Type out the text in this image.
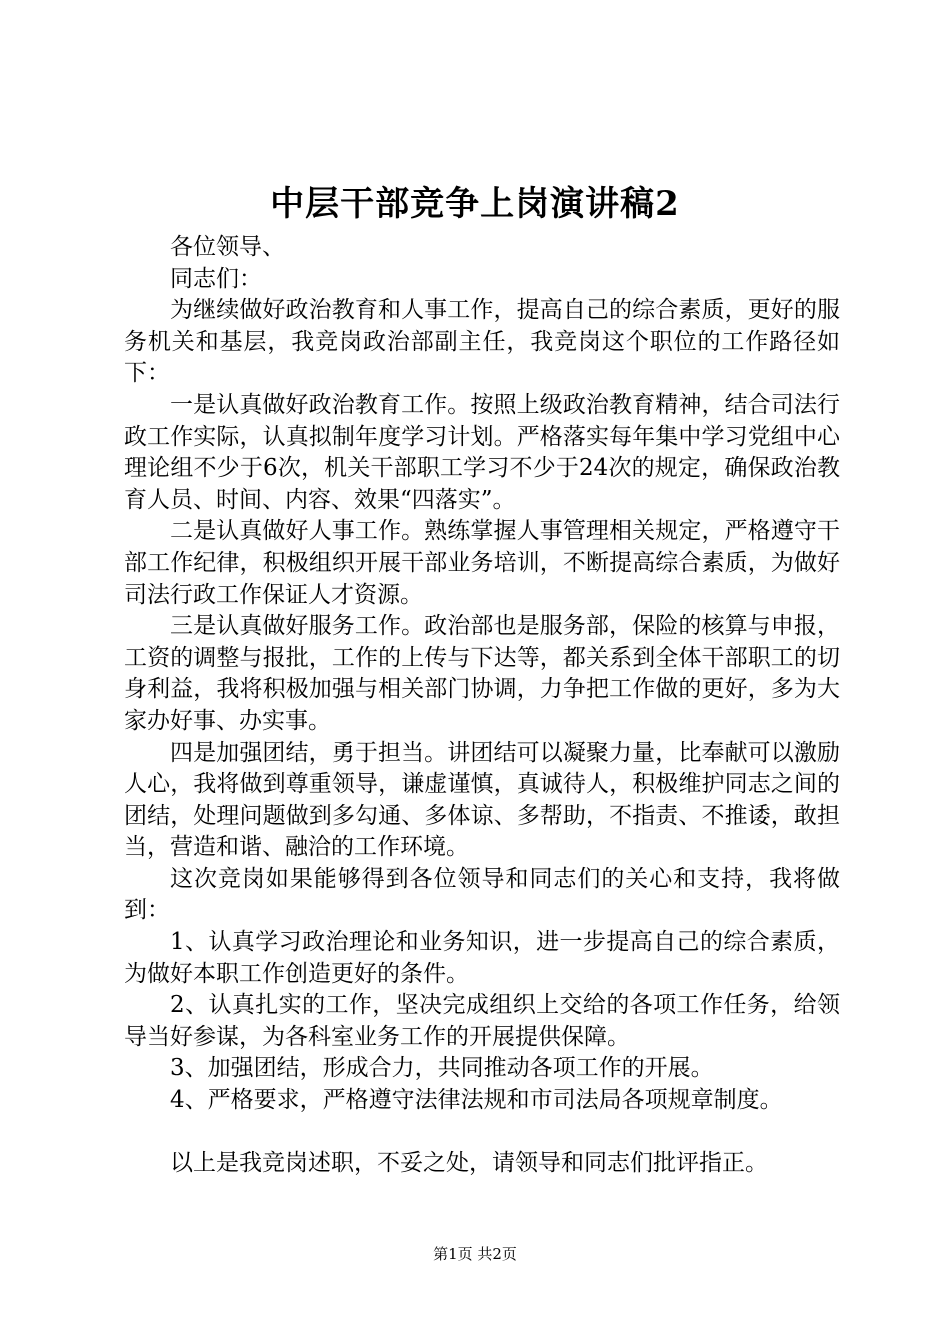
中层干部竞争上岗演讲稿2

各位领导、

同志们：

为继续做好政治教育和人事工作，提高自己的综合素质，更好的服务机关和基层，我竞岗政治部副主任，我竞岗这个职位的工作路径如下：

一是认真做好政治教育工作。按照上级政治教育精神，结合司法行政工作实际，认真拟制年度学习计划。严格落实每年集中学习党组中心理论组不少于6次，机关干部职工学习不少于24次的规定，确保政治教育人员、时间、内容、效果“四落实”。

二是认真做好人事工作。熟练掌握人事管理相关规定，严格遵守干部工作纪律，积极组织开展干部业务培训，不断提高综合素质，为做好司法行政工作保证人才资源。

三是认真做好服务工作。政治部也是服务部，保险的核算与申报，工资的调整与报批，工作的上传与下达等，都关系到全体干部职工的切身利益，我将积极加强与相关部门协调，力争把工作做的更好，多为大家办好事、办实事。

四是加强团结，勇于担当。讲团结可以凝聚力量，比奉献可以激励人心，我将做到尊重领导，谦虚谨慎，真诚待人，积极维护同志之间的团结，处理问题做到多勾通、多体谅、多帮助，不指责、不推诿，敢担当，营造和谐、融洽的工作环境。

这次竞岗如果能够得到各位领导和同志们的关心和支持，我将做到：

1、认真学习政治理论和业务知识，进一步提高自己的综合素质，为做好本职工作创造更好的条件。

2、认真扎实的工作，坚决完成组织上交给的各项工作任务，给领导当好参谋，为各科室业务工作的开展提供保障。

3、加强团结，形成合力，共同推动各项工作的开展。

4、严格要求，严格遵守法律法规和市司法局各项规章制度。

以上是我竞岗述职，不妥之处，请领导和同志们批评指正。

第1页 共2页
